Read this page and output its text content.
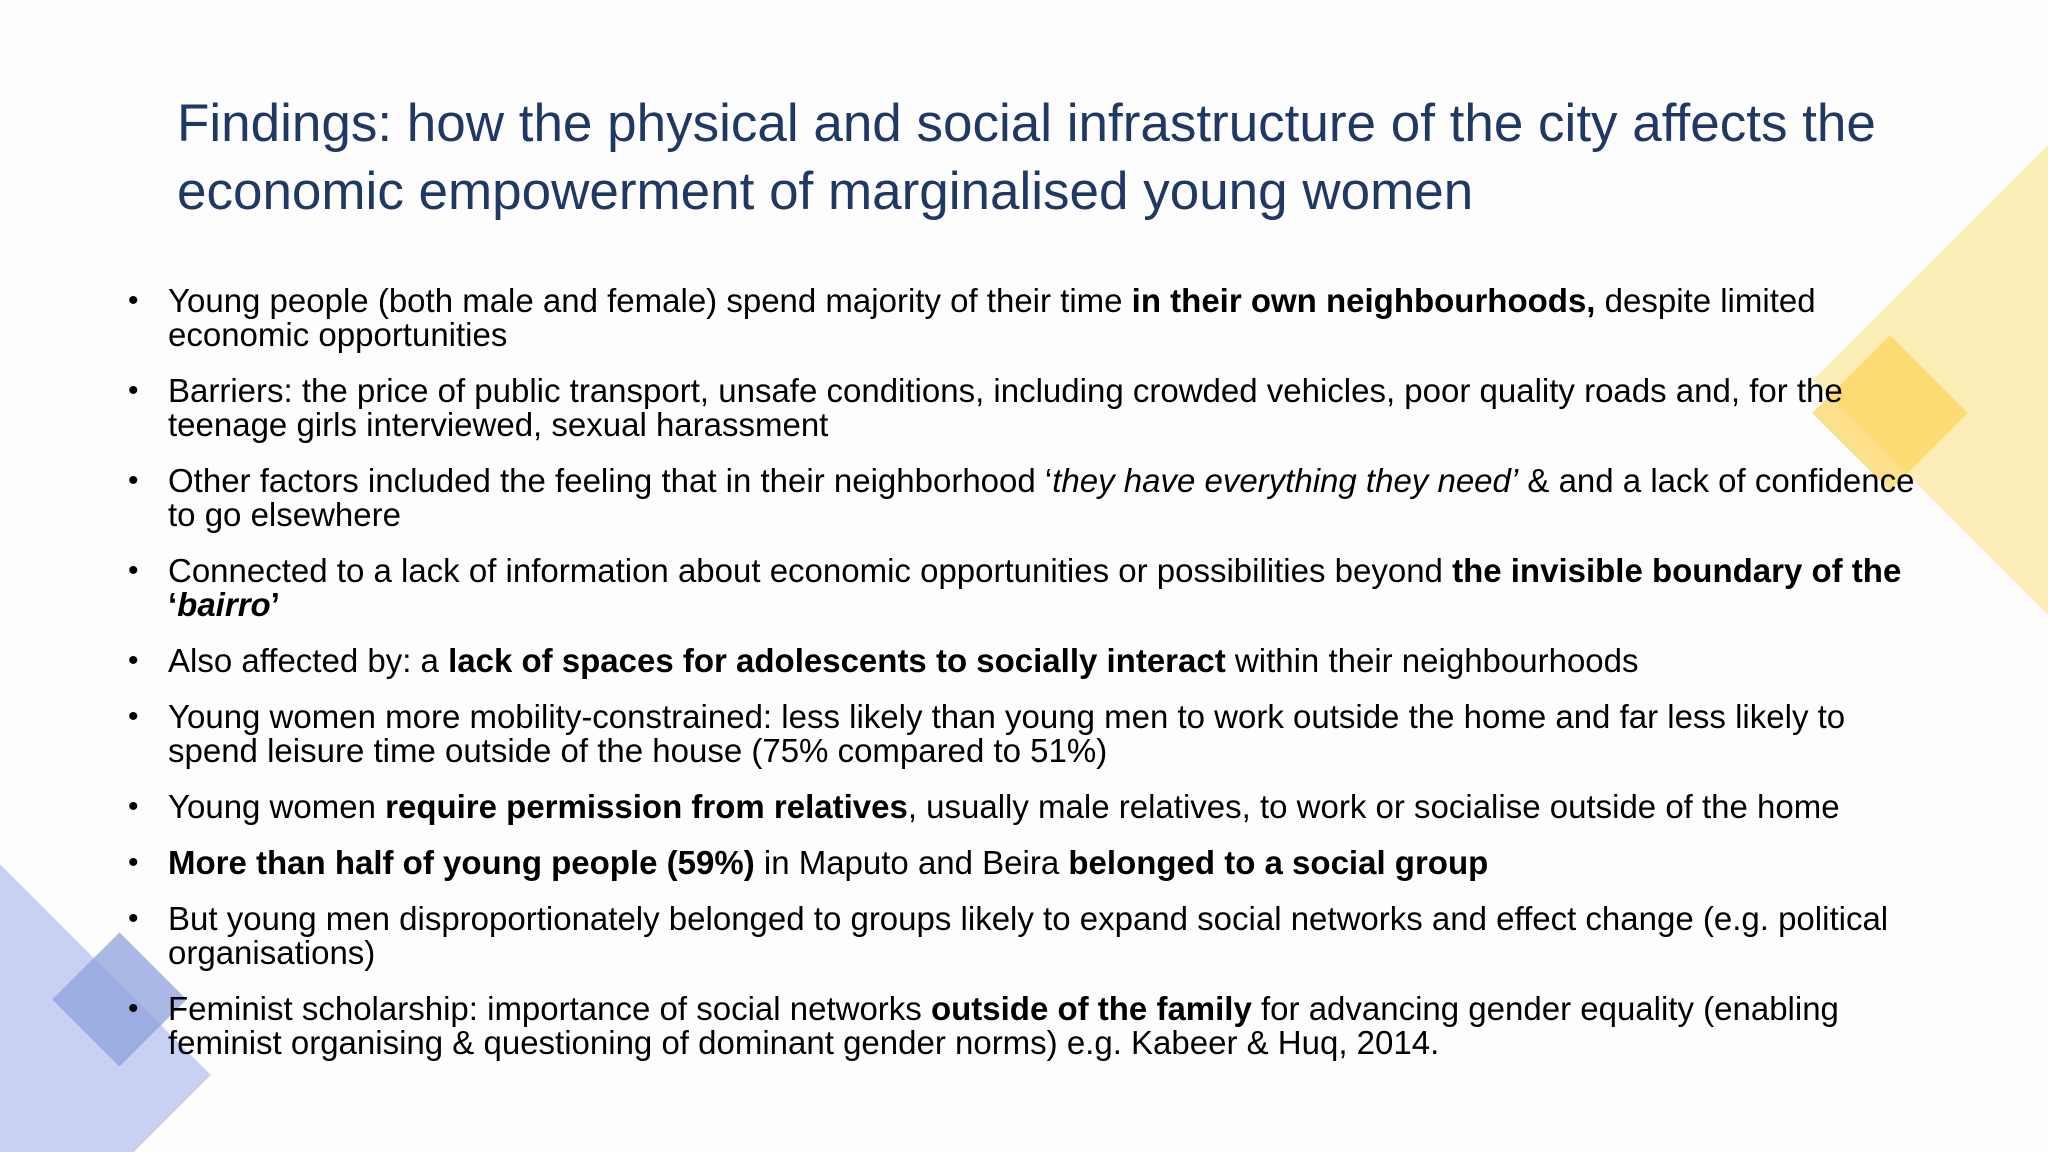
Findings: how the physical and social infrastructure of the city affects the economic empowerment of marginalised young women
• Young people (both male and female) spend majority of their time in their own neighbourhoods, despite limited economic opportunities
• Barriers: the price of public transport, unsafe conditions, including crowded vehicles, poor quality roads and, for the teenage girls interviewed, sexual harassment
• Other factors included the feeling that in their neighborhood ‘they have everything they need’ & and a lack of confidence to go elsewhere
• Connected to a lack of information about economic opportunities or possibilities beyond the invisible boundary of the ‘bairro’
• Also affected by: a lack of spaces for adolescents to socially interact within their neighbourhoods
• Young women more mobility-constrained: less likely than young men to work outside the home and far less likely to spend leisure time outside of the house (75% compared to 51%)
• Young women require permission from relatives, usually male relatives, to work or socialise outside of the home
• More than half of young people (59%) in Maputo and Beira belonged to a social group
• But young men disproportionately belonged to groups likely to expand social networks and effect change (e.g. political organisations)
• Feminist scholarship: importance of social networks outside of the family for advancing gender equality (enabling feminist organising & questioning of dominant gender norms) e.g. Kabeer & Huq, 2014.
